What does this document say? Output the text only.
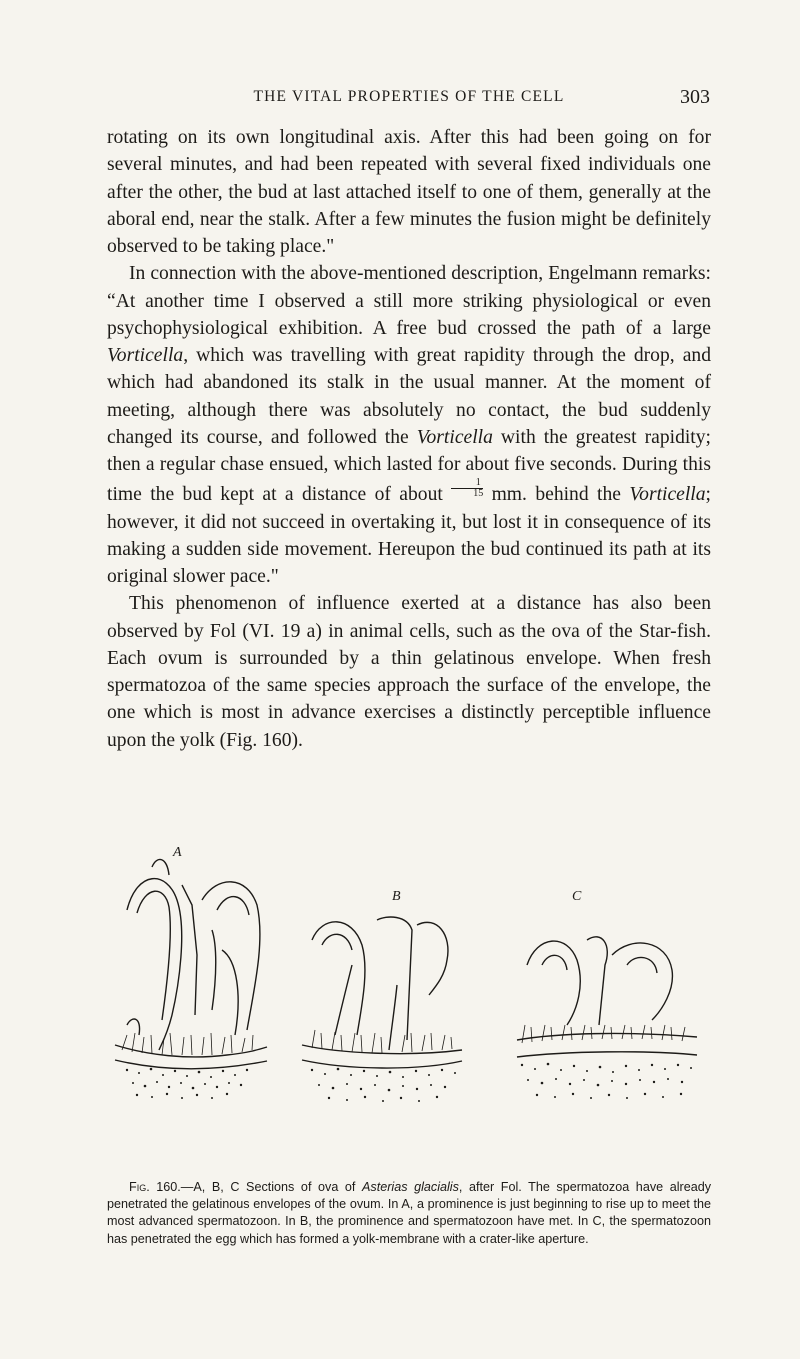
THE VITAL PROPERTIES OF THE CELL	303

rotating on its own longitudinal axis. After this had been going on for several minutes, and had been repeated with several fixed individuals one after the other, the bud at last attached itself to one of them, generally at the aboral end, near the stalk. After a few minutes the fusion might be definitely observed to be taking place."

In connection with the above-mentioned description, Engelmann remarks: “At another time I observed a still more striking physiological or even psychophysiological exhibition. A free bud crossed the path of a large Vorticella, which was travelling with great rapidity through the drop, and which had abandoned its stalk in the usual manner. At the moment of meeting, although there was absolutely no contact, the bud suddenly changed its course, and followed the Vorticella with the greatest rapidity; then a regular chase ensued, which lasted for about five seconds. During this time the bud kept at a distance of about $\frac{1}{15}$ mm. behind the Vorticella; however, it did not succeed in overtaking it, but lost it in consequence of its making a sudden side movement. Hereupon the bud continued its path at its original slower pace."

This phenomenon of influence exerted at a distance has also been observed by Fol (VI. 19 a) in animal cells, such as the ova of the Star-fish. Each ovum is surrounded by a thin gelatinous envelope. When fresh spermatozoa of the same species approach the surface of the envelope, the one which is most in advance exercises a distinctly perceptible influence upon the yolk (Fig. 160).

A
B	C

Fig. 160.—A, B, C Sections of ova of Asterias glacialis, after Fol. The spermatozoa have already penetrated the gelatinous envelopes of the ovum. In A, a prominence is just beginning to rise up to meet the most advanced spermatozoon. In B, the prominence and spermatozoon have met. In C, the spermatozoon has penetrated the egg which has formed a yolk-membrane with a crater-like aperture.
